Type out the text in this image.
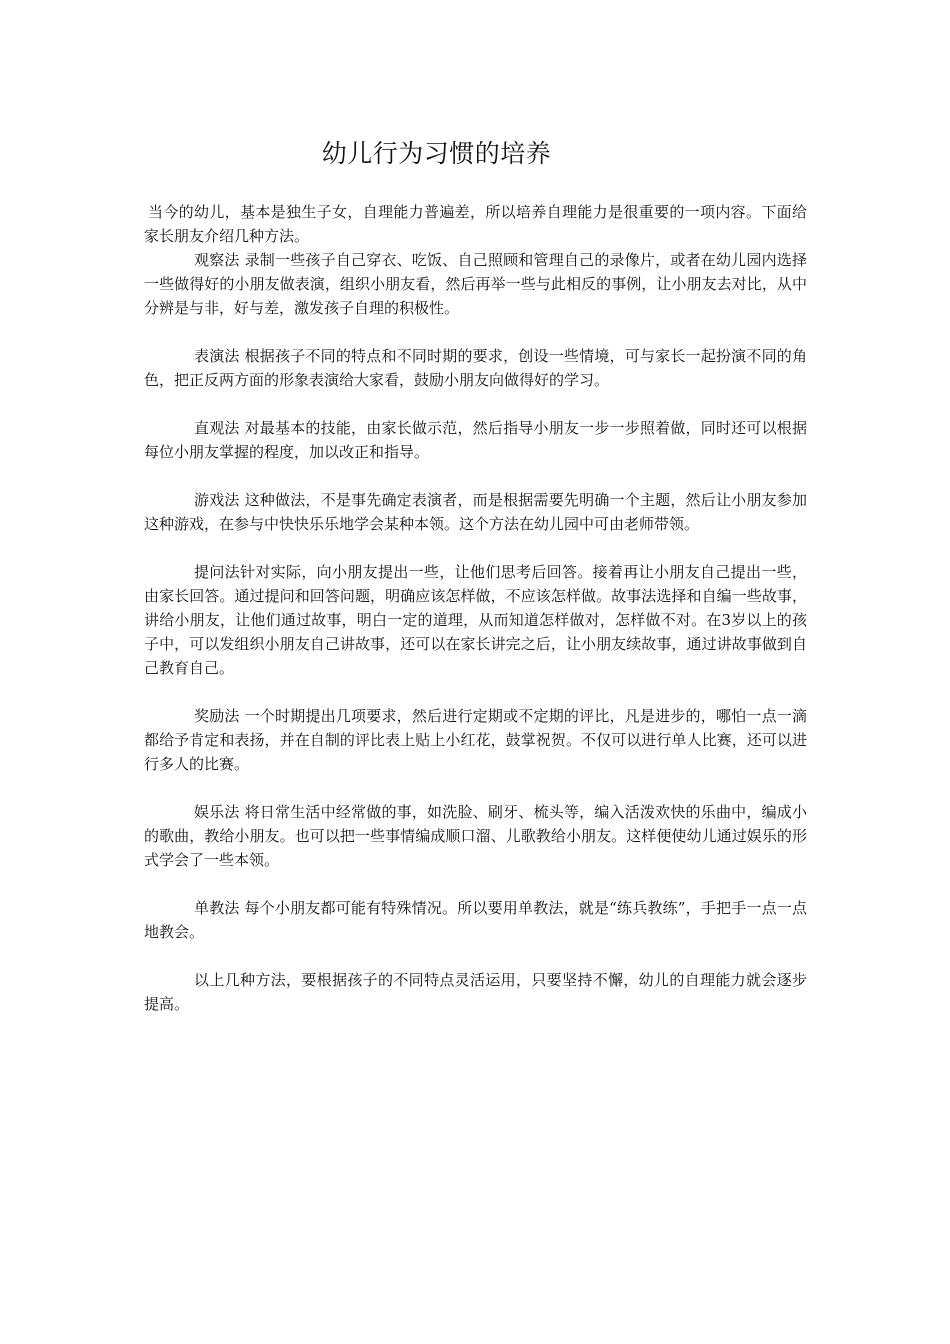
幼儿行为习惯的培养

当今的幼儿，基本是独生子女，自理能力普遍差，所以培养自理能力是很重要的一项内容。下面给家长朋友介绍几种方法。

观察法 录制一些孩子自己穿衣、吃饭、自己照顾和管理自己的录像片，或者在幼儿园内选择一些做得好的小朋友做表演，组织小朋友看，然后再举一些与此相反的事例，让小朋友去对比，从中分辨是与非，好与差，激发孩子自理的积极性。

表演法 根据孩子不同的特点和不同时期的要求，创设一些情境，可与家长一起扮演不同的角色，把正反两方面的形象表演给大家看，鼓励小朋友向做得好的学习。

直观法 对最基本的技能，由家长做示范，然后指导小朋友一步一步照着做，同时还可以根据每位小朋友掌握的程度，加以改正和指导。

游戏法 这种做法，不是事先确定表演者，而是根据需要先明确一个主题，然后让小朋友参加这种游戏，在参与中快快乐乐地学会某种本领。这个方法在幼儿园中可由老师带领。

提问法针对实际，向小朋友提出一些，让他们思考后回答。接着再让小朋友自己提出一些，由家长回答。通过提问和回答问题，明确应该怎样做，不应该怎样做。故事法选择和自编一些故事，讲给小朋友，让他们通过故事，明白一定的道理，从而知道怎样做对，怎样做不对。在3岁以上的孩子中，可以发组织小朋友自己讲故事，还可以在家长讲完之后，让小朋友续故事，通过讲故事做到自己教育自己。

奖励法 一个时期提出几项要求，然后进行定期或不定期的评比，凡是进步的，哪怕一点一滴都给予肯定和表扬，并在自制的评比表上贴上小红花，鼓掌祝贺。不仅可以进行单人比赛，还可以进行多人的比赛。

娱乐法 将日常生活中经常做的事，如洗脸、刷牙、梳头等，编入活泼欢快的乐曲中，编成小的歌曲，教给小朋友。也可以把一些事情编成顺口溜、儿歌教给小朋友。这样便使幼儿通过娱乐的形式学会了一些本领。

单教法 每个小朋友都可能有特殊情况。所以要用单教法，就是“练兵教练”，手把手一点一点地教会。

以上几种方法，要根据孩子的不同特点灵活运用，只要坚持不懈，幼儿的自理能力就会逐步提高。
